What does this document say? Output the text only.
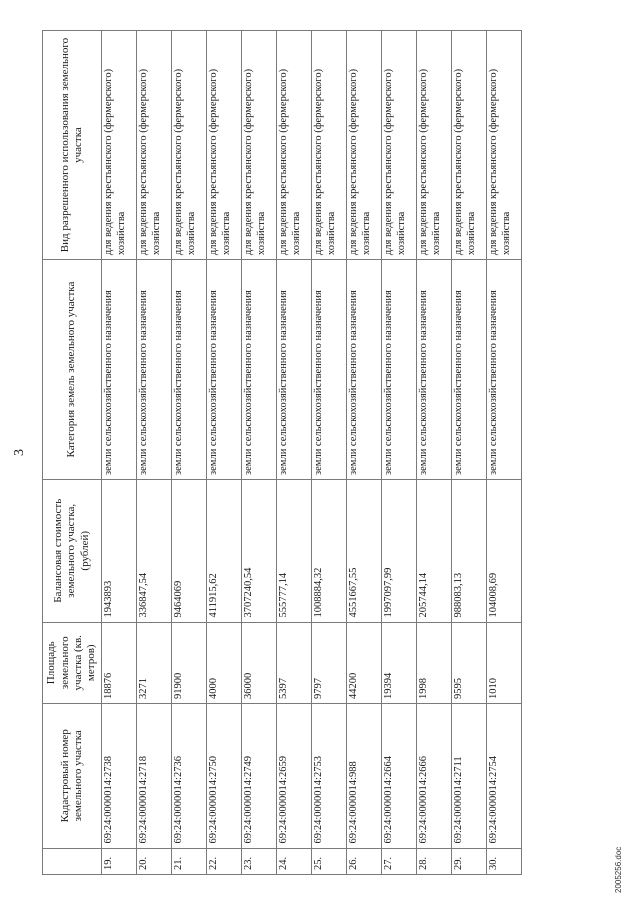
3
	Кадастровый номер земельного участка	Площадь земельного участка (кв. метров)	Балансовая стоимость земельного участка, (рублей)	Категория земель земельного участка	Вид разрешенного использования земельного участка
19.	69:24:0000014:2738	18876	1943893	земли сельскохозяйственного назначения	для ведения крестьянского (фермерского) хозяйства
20.	69:24:0000014:2718	3271	336847,54	земли сельскохозяйственного назначения	для ведения крестьянского (фермерского) хозяйства
21.	69:24:0000014:2736	91900	9464069	земли сельскохозяйственного назначения	для ведения крестьянского (фермерского) хозяйства
22.	69:24:0000014:2750	4000	411915,62	земли сельскохозяйственного назначения	для ведения крестьянского (фермерского) хозяйства
23.	69:24:0000014:2749	36000	3707240,54	земли сельскохозяйственного назначения	для ведения крестьянского (фермерского) хозяйства
24.	69:24:0000014:2659	5397	555777,14	земли сельскохозяйственного назначения	для ведения крестьянского (фермерского) хозяйства
25.	69:24:0000014:2753	9797	1008884,32	земли сельскохозяйственного назначения	для ведения крестьянского (фермерского) хозяйства
26.	69:24:0000014:988	44200	4551667,55	земли сельскохозяйственного назначения	для ведения крестьянского (фермерского) хозяйства
27.	69:24:0000014:2664	19394	1997097,99	земли сельскохозяйственного назначения	для ведения крестьянского (фермерского) хозяйства
28.	69:24:0000014:2666	1998	205744,14	земли сельскохозяйственного назначения	для ведения крестьянского (фермерского) хозяйства
29.	69:24:0000014:2711	9595	988083,13	земли сельскохозяйственного назначения	для ведения крестьянского (фермерского) хозяйства
30.	69:24:0000014:2754	1010	104008,69	земли сельскохозяйственного назначения	для ведения крестьянского (фермерского) хозяйства
2005256.doc
